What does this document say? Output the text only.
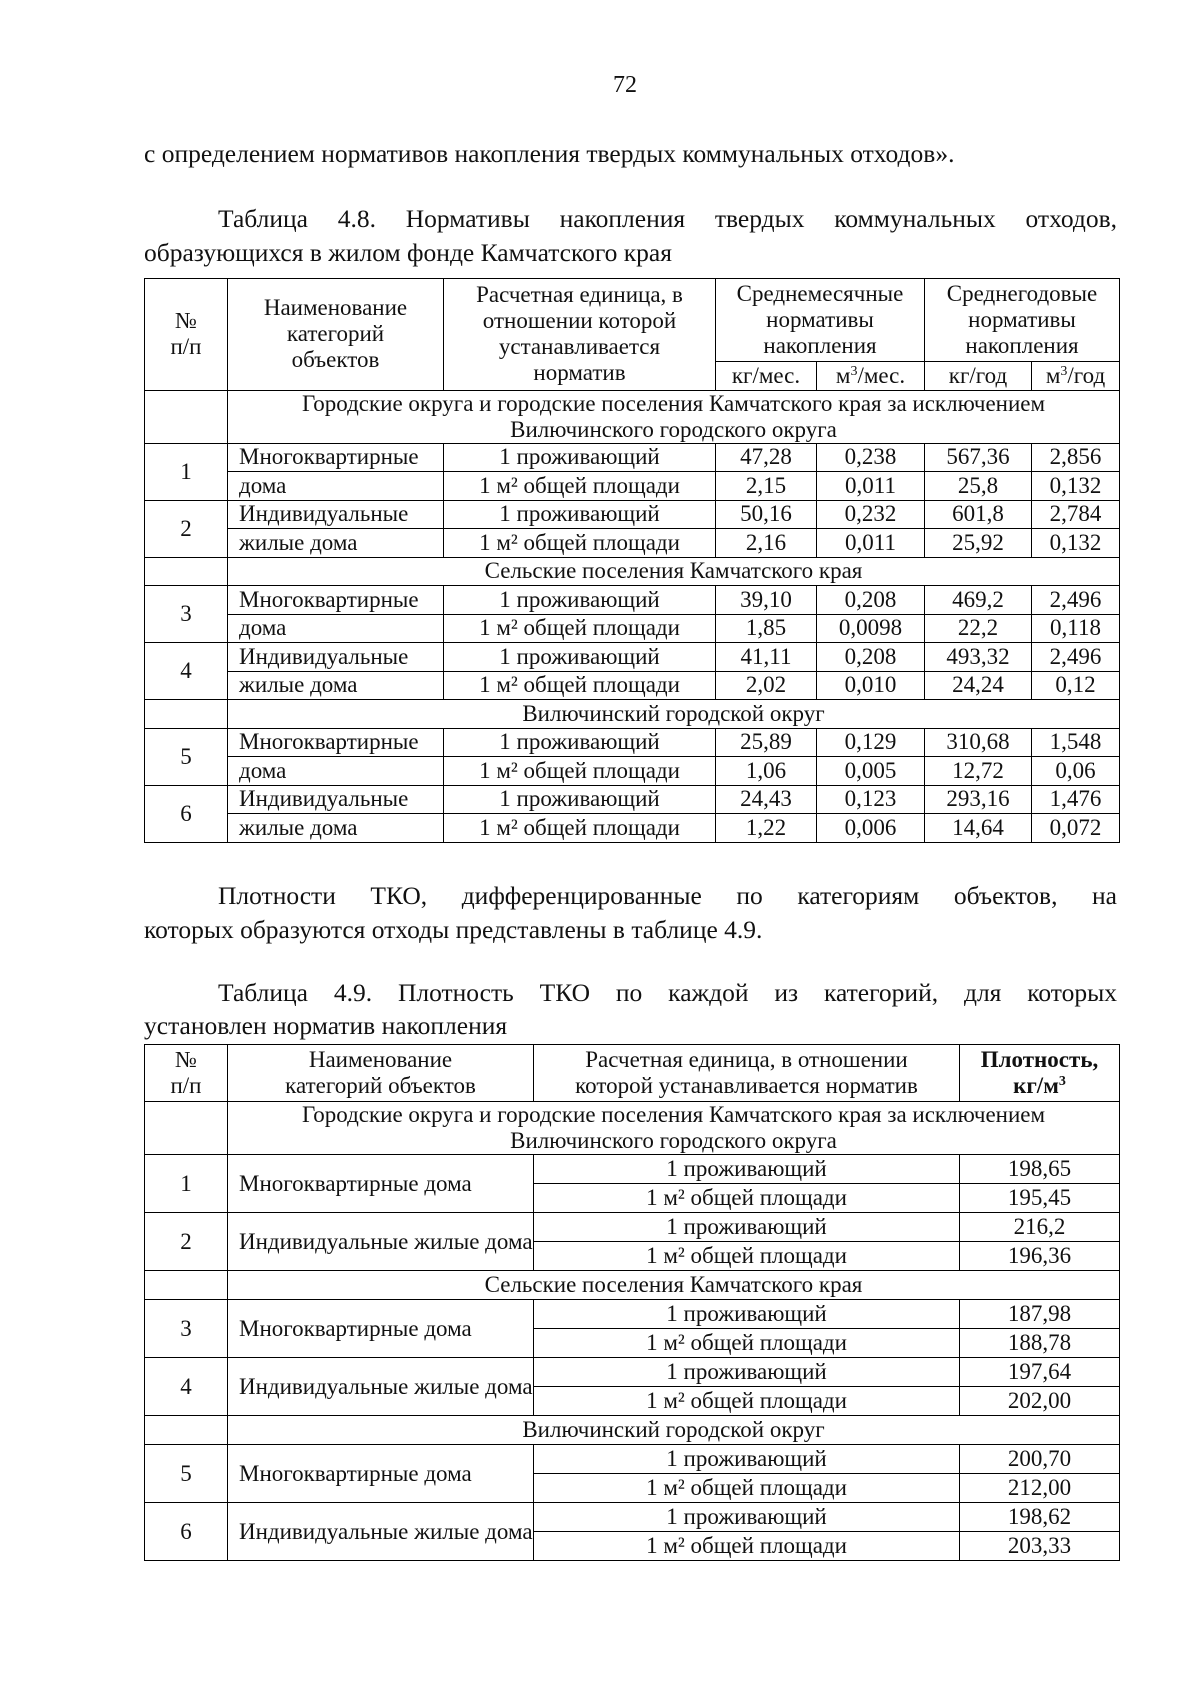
72
с определением нормативов накопления твердых коммунальных отходов».
Таблица 4.8. Нормативы накопления твердых коммунальных отходов,
образующихся в жилом фонде Камчатского края
№ п/п	Наименование категорий объектов	Расчетная единица, в отношении которой устанавливается норматив	Среднемесячные нормативы накопления		Среднегодовые нормативы накопления	
			кг/мес.	$м^3$/мес.	кг/год	$м^3$/год
	Городские округа и городские поселения Камчатского края за исключением
Вилючинского городского округа					
1	Многоквартирные	1 проживающий	47,28	0,238	567,36	2,856
	дома	1 м² общей площади	2,15	0,011	25,8	0,132
2	Индивидуальные	1 проживающий	50,16	0,232	601,8	2,784
	жилые дома	1 м² общей площади	2,16	0,011	25,92	0,132
	Сельские поселения Камчатского края					
3	Многоквартирные	1 проживающий	39,10	0,208	469,2	2,496
	дома	1 м² общей площади	1,85	0,0098	22,2	0,118
4	Индивидуальные	1 проживающий	41,11	0,208	493,32	2,496
	жилые дома	1 м² общей площади	2,02	0,010	24,24	0,12
	Вилючинский городской округ					
5	Многоквартирные	1 проживающий	25,89	0,129	310,68	1,548
	дома	1 м² общей площади	1,06	0,005	12,72	0,06
6	Индивидуальные	1 проживающий	24,43	0,123	293,16	1,476
	жилые дома	1 м² общей площади	1,22	0,006	14,64	0,072
Плотности ТКО, дифференцированные по категориям объектов, на
которых образуются отходы представлены в таблице 4.9.
Таблица 4.9. Плотность ТКО по каждой из категорий, для которых
установлен норматив накопления
№ п/п	Наименование категорий объектов	Расчетная единица, в отношении которой устанавливается норматив	Плотность,
$кг/м^3$
	Городские округа и городские поселения Камчатского края за исключением
Вилючинского городского округа		
1	Многоквартирные дома	1 проживающий	198,65
		1 м² общей площади	195,45
2	Индивидуальные жилые дома	1 проживающий	216,2
		1 м² общей площади	196,36
	Сельские поселения Камчатского края		
3	Многоквартирные дома	1 проживающий	187,98
		1 м² общей площади	188,78
4	Индивидуальные жилые дома	1 проживающий	197,64
		1 м² общей площади	202,00
	Вилючинский городской округ		
5	Многоквартирные дома	1 проживающий	200,70
		1 м² общей площади	212,00
6	Индивидуальные жилые дома	1 проживающий	198,62
		1 м² общей площади	203,33
